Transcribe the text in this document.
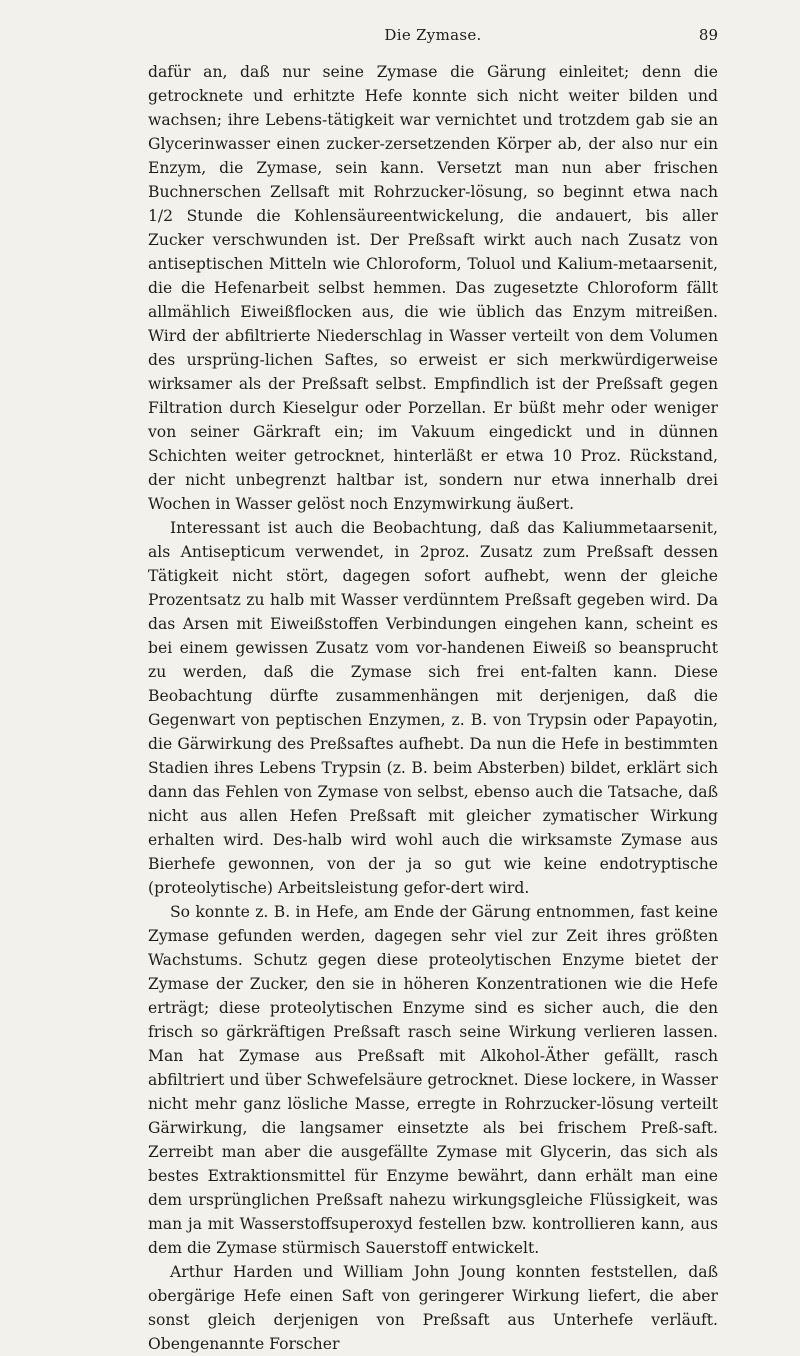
Die Zymase.	89

dafür an, daß nur seine Zymase die Gärung einleitet; denn die getrocknete und erhitzte Hefe konnte sich nicht weiter bilden und wachsen; ihre Lebens-tätigkeit war vernichtet und trotzdem gab sie an Glycerinwasser einen zucker-zersetzenden Körper ab, der also nur ein Enzym, die Zymase, sein kann. Versetzt man nun aber frischen Buchnerschen Zellsaft mit Rohrzucker-lösung, so beginnt etwa nach 1/2 Stunde die Kohlensäureentwickelung, die andauert, bis aller Zucker verschwunden ist. Der Preßsaft wirkt auch nach Zusatz von antiseptischen Mitteln wie Chloroform, Toluol und Kalium-metaarsenit, die die Hefenarbeit selbst hemmen. Das zugesetzte Chloroform fällt allmählich Eiweißflocken aus, die wie üblich das Enzym mitreißen. Wird der abfiltrierte Niederschlag in Wasser verteilt von dem Volumen des ursprüng-lichen Saftes, so erweist er sich merkwürdigerweise wirksamer als der Preßsaft selbst. Empfindlich ist der Preßsaft gegen Filtration durch Kieselgur oder Porzellan. Er büßt mehr oder weniger von seiner Gärkraft ein; im Vakuum eingedickt und in dünnen Schichten weiter getrocknet, hinterläßt er etwa 10 Proz. Rückstand, der nicht unbegrenzt haltbar ist, sondern nur etwa innerhalb drei Wochen in Wasser gelöst noch Enzymwirkung äußert.

Interessant ist auch die Beobachtung, daß das Kaliummetaarsenit, als Antisepticum verwendet, in 2proz. Zusatz zum Preßsaft dessen Tätigkeit nicht stört, dagegen sofort aufhebt, wenn der gleiche Prozentsatz zu halb mit Wasser verdünntem Preßsaft gegeben wird. Da das Arsen mit Eiweißstoffen Verbindungen eingehen kann, scheint es bei einem gewissen Zusatz vom vor-handenen Eiweiß so beansprucht zu werden, daß die Zymase sich frei ent-falten kann. Diese Beobachtung dürfte zusammenhängen mit derjenigen, daß die Gegenwart von peptischen Enzymen, z. B. von Trypsin oder Papayotin, die Gärwirkung des Preßsaftes aufhebt. Da nun die Hefe in bestimmten Stadien ihres Lebens Trypsin (z. B. beim Absterben) bildet, erklärt sich dann das Fehlen von Zymase von selbst, ebenso auch die Tatsache, daß nicht aus allen Hefen Preßsaft mit gleicher zymatischer Wirkung erhalten wird. Des-halb wird wohl auch die wirksamste Zymase aus Bierhefe gewonnen, von der ja so gut wie keine endotryptische (proteolytische) Arbeitsleistung gefor-dert wird.

So konnte z. B. in Hefe, am Ende der Gärung entnommen, fast keine Zymase gefunden werden, dagegen sehr viel zur Zeit ihres größten Wachstums. Schutz gegen diese proteolytischen Enzyme bietet der Zymase der Zucker, den sie in höheren Konzentrationen wie die Hefe erträgt; diese proteolytischen Enzyme sind es sicher auch, die den frisch so gärkräftigen Preßsaft rasch seine Wirkung verlieren lassen. Man hat Zymase aus Preßsaft mit Alkohol-Äther gefällt, rasch abfiltriert und über Schwefelsäure getrocknet. Diese lockere, in Wasser nicht mehr ganz lösliche Masse, erregte in Rohrzucker-lösung verteilt Gärwirkung, die langsamer einsetzte als bei frischem Preß-saft. Zerreibt man aber die ausgefällte Zymase mit Glycerin, das sich als bestes Extraktionsmittel für Enzyme bewährt, dann erhält man eine dem ursprünglichen Preßsaft nahezu wirkungsgleiche Flüssigkeit, was man ja mit Wasserstoffsuperoxyd festellen bzw. kontrollieren kann, aus dem die Zymase stürmisch Sauerstoff entwickelt.

Arthur Harden und William John Joung konnten feststellen, daß obergärige Hefe einen Saft von geringerer Wirkung liefert, die aber sonst gleich derjenigen von Preßsaft aus Unterhefe verläuft. Obengenannte Forscher
